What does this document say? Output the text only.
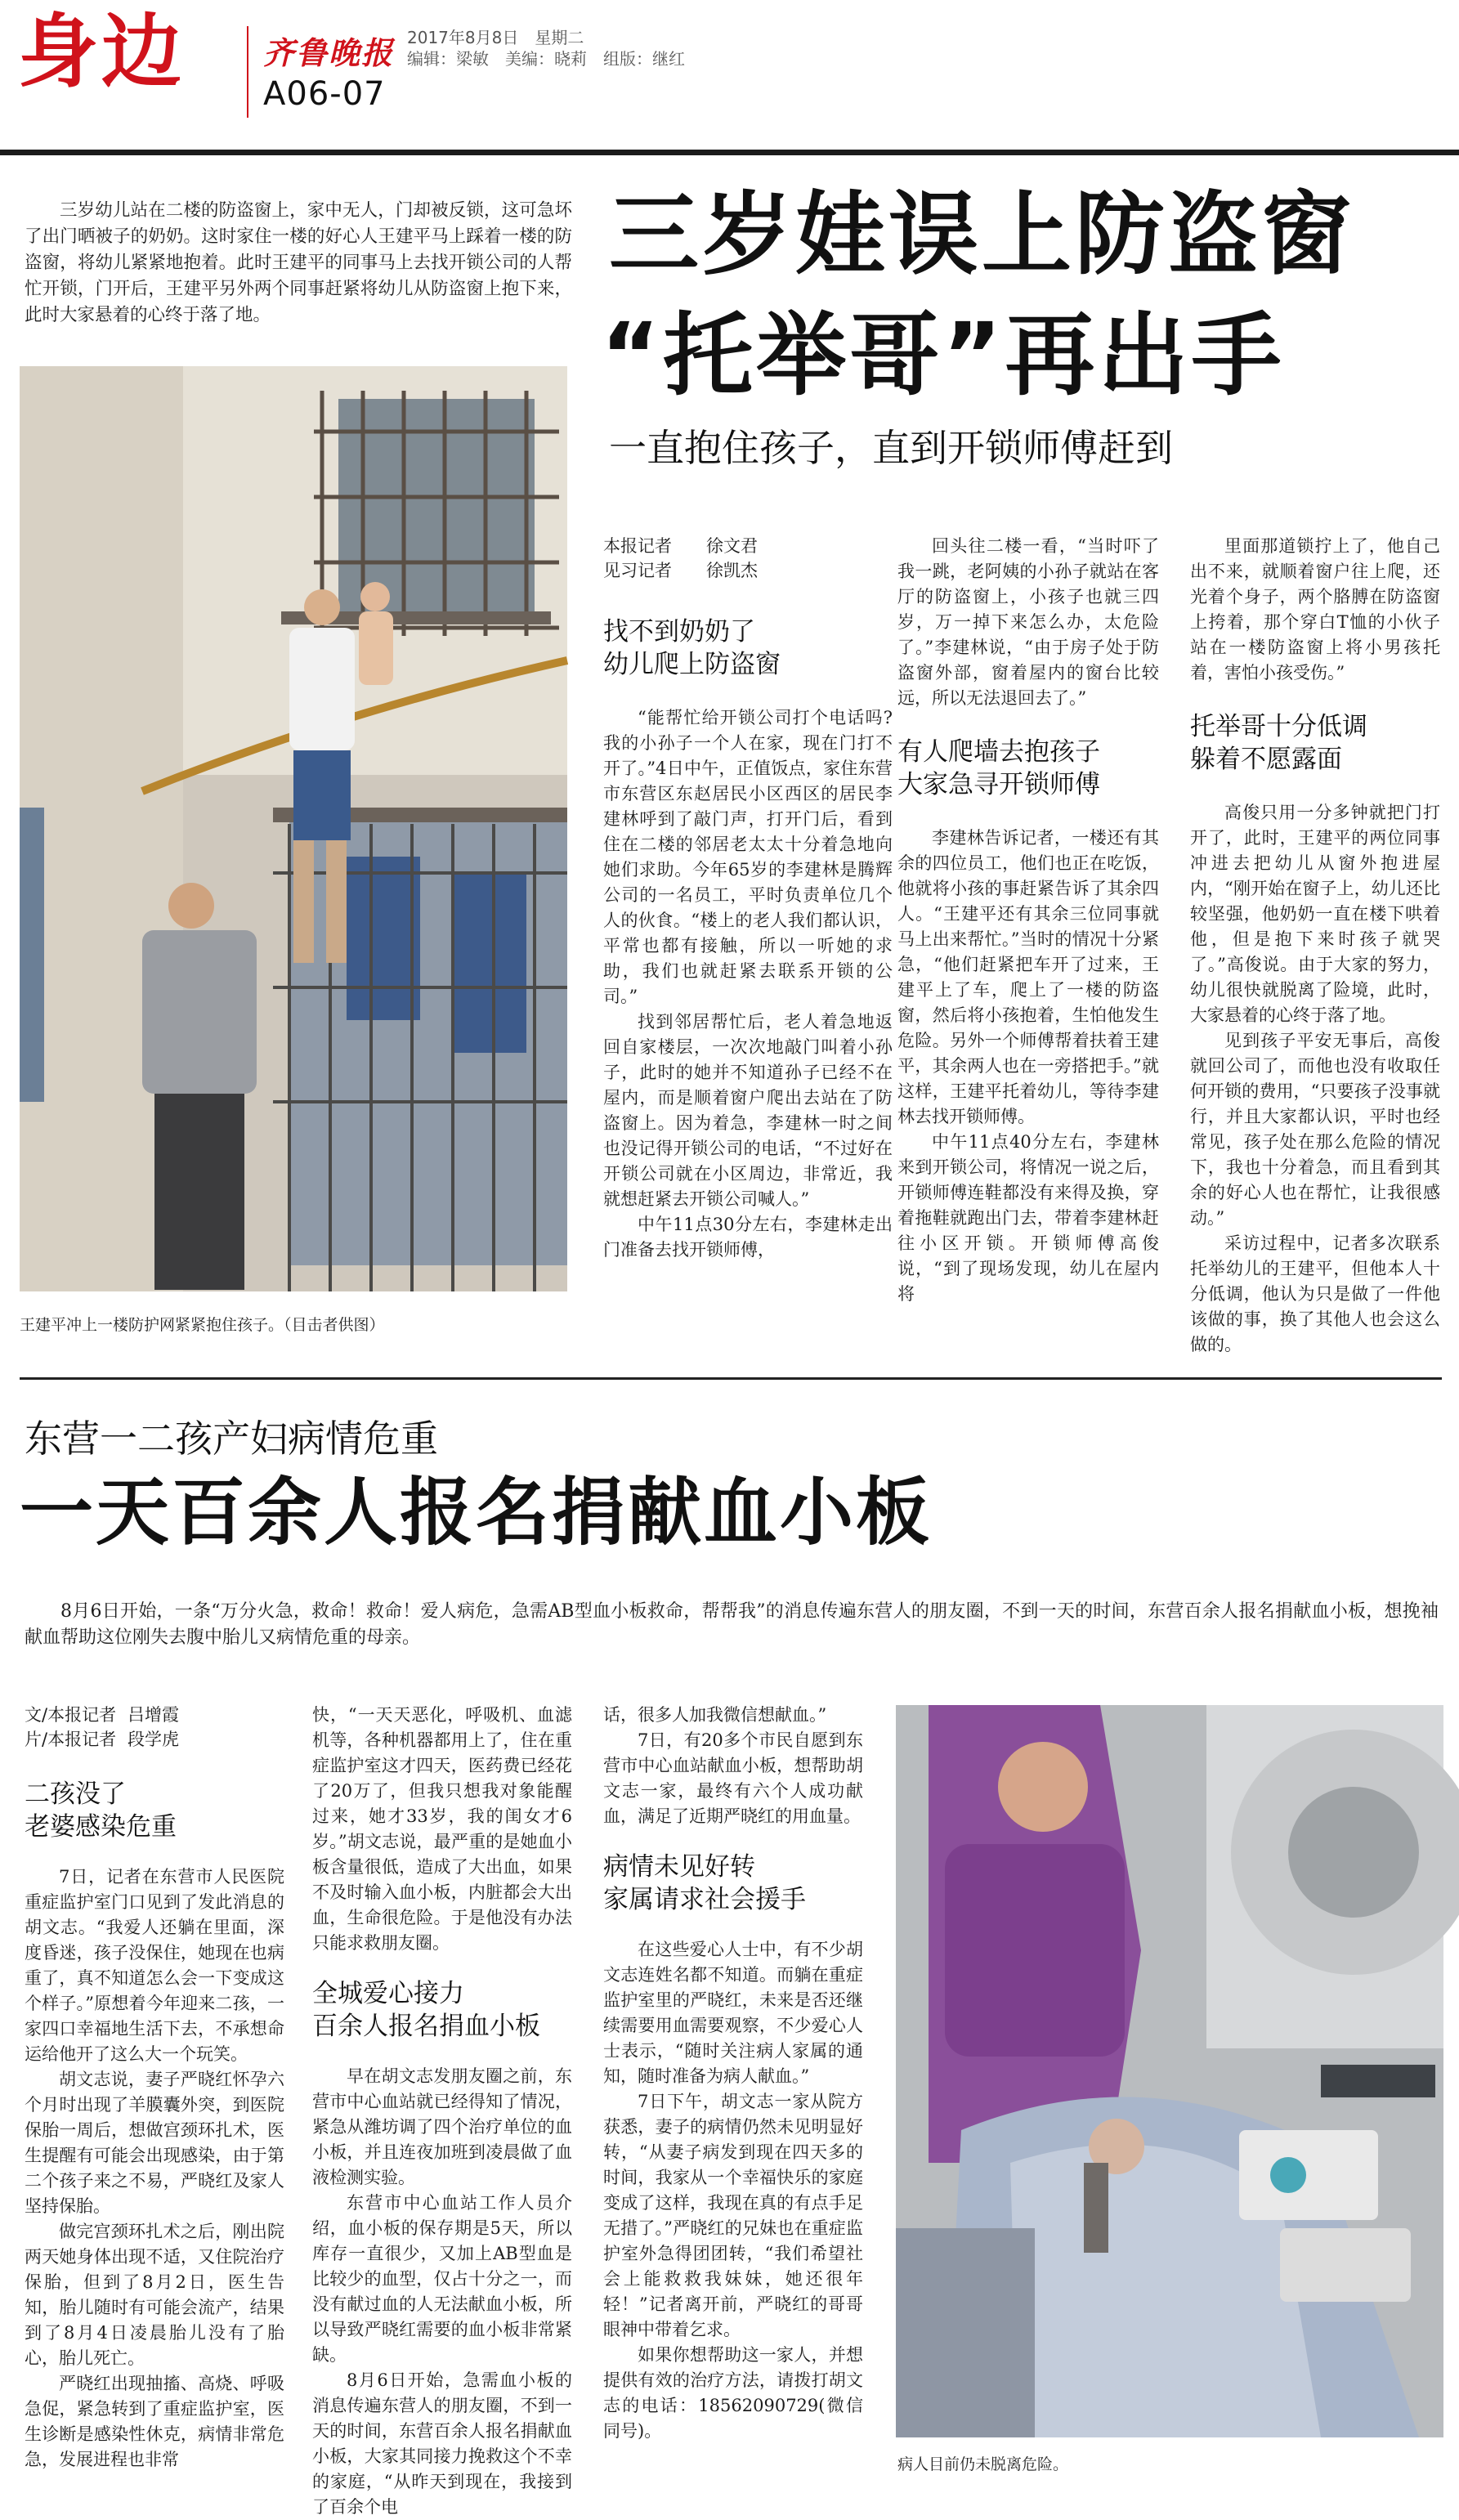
身边	齐鲁晚报
A06-07
2017年8月8日　星期二
编辑：梁敏　美编：晓莉　组版：继红

三岁幼儿站在二楼的防盗窗上，家中无人，门却被反锁，这可急坏了出门晒被子的奶奶。这时家住一楼的好心人王建平马上踩着一楼的防盗窗，将幼儿紧紧地抱着。此时王建平的同事马上去找开锁公司的人帮忙开锁，门开后，王建平另外两个同事赶紧将幼儿从防盗窗上抱下来，此时大家悬着的心终于落了地。

三岁娃误上防盗窗
“托举哥”再出手
一直抱住孩子，直到开锁师傅赶到
王建平冲上一楼防护网紧紧抱住孩子。（目击者供图）
本报记者 徐文君
见习记者 徐凯杰
找不到奶奶了
幼儿爬上防盗窗

“能帮忙给开锁公司打个电话吗?我的小孙子一个人在家，现在门打不开了。”4日中午，正值饭点，家住东营市东营区东赵居民小区西区的居民李建林呼到了敲门声，打开门后，看到住在二楼的邻居老太太十分着急地向她们求助。今年65岁的李建林是腾辉公司的一名员工，平时负责单位几个人的伙食。“楼上的老人我们都认识，平常也都有接触，所以一听她的求助，我们也就赶紧去联系开锁的公司。”

找到邻居帮忙后，老人着急地返回自家楼层，一次次地敲门叫着小孙子，此时的她并不知道孙子已经不在屋内，而是顺着窗户爬出去站在了防盗窗上。因为着急，李建林一时之间也没记得开锁公司的电话，“不过好在开锁公司就在小区周边，非常近，我就想赶紧去开锁公司喊人。”

中午11点30分左右，李建林走出门准备去找开锁师傅，

回头往二楼一看，“当时吓了我一跳，老阿姨的小孙子就站在客厅的防盗窗上，小孩子也就三四岁，万一掉下来怎么办，太危险了。”李建林说，“由于房子处于防盗窗外部，窗着屋内的窗台比较远，所以无法退回去了。”

有人爬墙去抱孩子
大家急寻开锁师傅

李建林告诉记者，一楼还有其余的四位员工，他们也正在吃饭，他就将小孩的事赶紧告诉了其余四人。“王建平还有其余三位同事就马上出来帮忙。”当时的情况十分紧急，“他们赶紧把车开了过来，王建平上了车，爬上了一楼的防盗窗，然后将小孩抱着，生怕他发生危险。另外一个师傅帮着扶着王建平，其余两人也在一旁搭把手。”就这样，王建平托着幼儿，等待李建林去找开锁师傅。

中午11点40分左右，李建林来到开锁公司，将情况一说之后，开锁师傅连鞋都没有来得及换，穿着拖鞋就跑出门去，带着李建林赶往小区开锁。开锁师傅高俊说，“到了现场发现，幼儿在屋内将

里面那道锁拧上了，他自己出不来，就顺着窗户往上爬，还光着个身子，两个胳膊在防盗窗上挎着，那个穿白T恤的小伙子站在一楼防盗窗上将小男孩托着，害怕小孩受伤。”

托举哥十分低调
躲着不愿露面

高俊只用一分多钟就把门打开了，此时，王建平的两位同事冲进去把幼儿从窗外抱进屋内，“刚开始在窗子上，幼儿还比较坚强，他奶奶一直在楼下哄着他，但是抱下来时孩子就哭了。”高俊说。由于大家的努力，幼儿很快就脱离了险境，此时，大家悬着的心终于落了地。

见到孩子平安无事后，高俊就回公司了，而他也没有收取任何开锁的费用，“只要孩子没事就行，并且大家都认识，平时也经常见，孩子处在那么危险的情况下，我也十分着急，而且看到其余的好心人也在帮忙，让我很感动。”

采访过程中，记者多次联系托举幼儿的王建平，但他本人十分低调，他认为只是做了一件他该做的事，换了其他人也会这么做的。

东营一二孩产妇病情危重
一天百余人报名捐献血小板

8月6日开始，一条“万分火急，救命！救命！爱人病危，急需AB型血小板救命，帮帮我”的消息传遍东营人的朋友圈，不到一天的时间，东营百余人报名捐献血小板，想挽袖献血帮助这位刚失去腹中胎儿又病情危重的母亲。

文/本报记者 吕增霞
片/本报记者 段学虎
二孩没了
老婆感染危重

7日，记者在东营市人民医院重症监护室门口见到了发此消息的胡文志。“我爱人还躺在里面，深度昏迷，孩子没保住，她现在也病重了，真不知道怎么会一下变成这个样子。”原想着今年迎来二孩，一家四口幸福地生活下去，不承想命运给他开了这么大一个玩笑。

胡文志说，妻子严晓红怀孕六个月时出现了羊膜囊外突，到医院保胎一周后，想做宫颈环扎术，医生提醒有可能会出现感染，由于第二个孩子来之不易，严晓红及家人坚持保胎。

做完宫颈环扎术之后，刚出院两天她身体出现不适，又住院治疗保胎，但到了8月2日，医生告知，胎儿随时有可能会流产，结果到了8月4日凌晨胎儿没有了胎心，胎儿死亡。

严晓红出现抽搐、高烧、呼吸急促，紧急转到了重症监护室，医生诊断是感染性休克，病情非常危急，发展进程也非常

快，“一天天恶化，呼吸机、血滤机等，各种机器都用上了，住在重症监护室这才四天，医药费已经花了20万了，但我只想我对象能醒过来，她才33岁，我的闺女才6岁。”胡文志说，最严重的是她血小板含量很低，造成了大出血，如果不及时输入血小板，内脏都会大出血，生命很危险。于是他没有办法只能求救朋友圈。

全城爱心接力
百余人报名捐血小板

早在胡文志发朋友圈之前，东营市中心血站就已经得知了情况，紧急从潍坊调了四个治疗单位的血小板，并且连夜加班到凌晨做了血液检测实验。

东营市中心血站工作人员介绍，血小板的保存期是5天，所以库存一直很少，又加上AB型血是比较少的血型，仅占十分之一，而没有献过血的人无法献血小板，所以导致严晓红需要的血小板非常紧缺。

8月6日开始，急需血小板的消息传遍东营人的朋友圈，不到一天的时间，东营百余人报名捐献血小板，大家其同接力挽救这个不幸的家庭，“从昨天到现在，我接到了百余个电

话，很多人加我微信想献血。”

7日，有20多个市民自愿到东营市中心血站献血小板，想帮助胡文志一家，最终有六个人成功献血，满足了近期严晓红的用血量。

病情未见好转
家属请求社会援手

在这些爱心人士中，有不少胡文志连姓名都不知道。而躺在重症监护室里的严晓红，未来是否还继续需要用血需要观察，不少爱心人士表示，“随时关注病人家属的通知，随时准备为病人献血。”

7日下午，胡文志一家从院方获悉，妻子的病情仍然未见明显好转，“从妻子病发到现在四天多的时间，我家从一个幸福快乐的家庭变成了这样，我现在真的有点手足无措了。”严晓红的兄妹也在重症监护室外急得团团转，“我们希望社会上能救救我妹妹，她还很年轻！”记者离开前，严晓红的哥哥眼神中带着乞求。

如果你想帮助这一家人，并想提供有效的治疗方法，请拨打胡文志的电话：18562090729(微信同号)。

病人目前仍未脱离危险。
